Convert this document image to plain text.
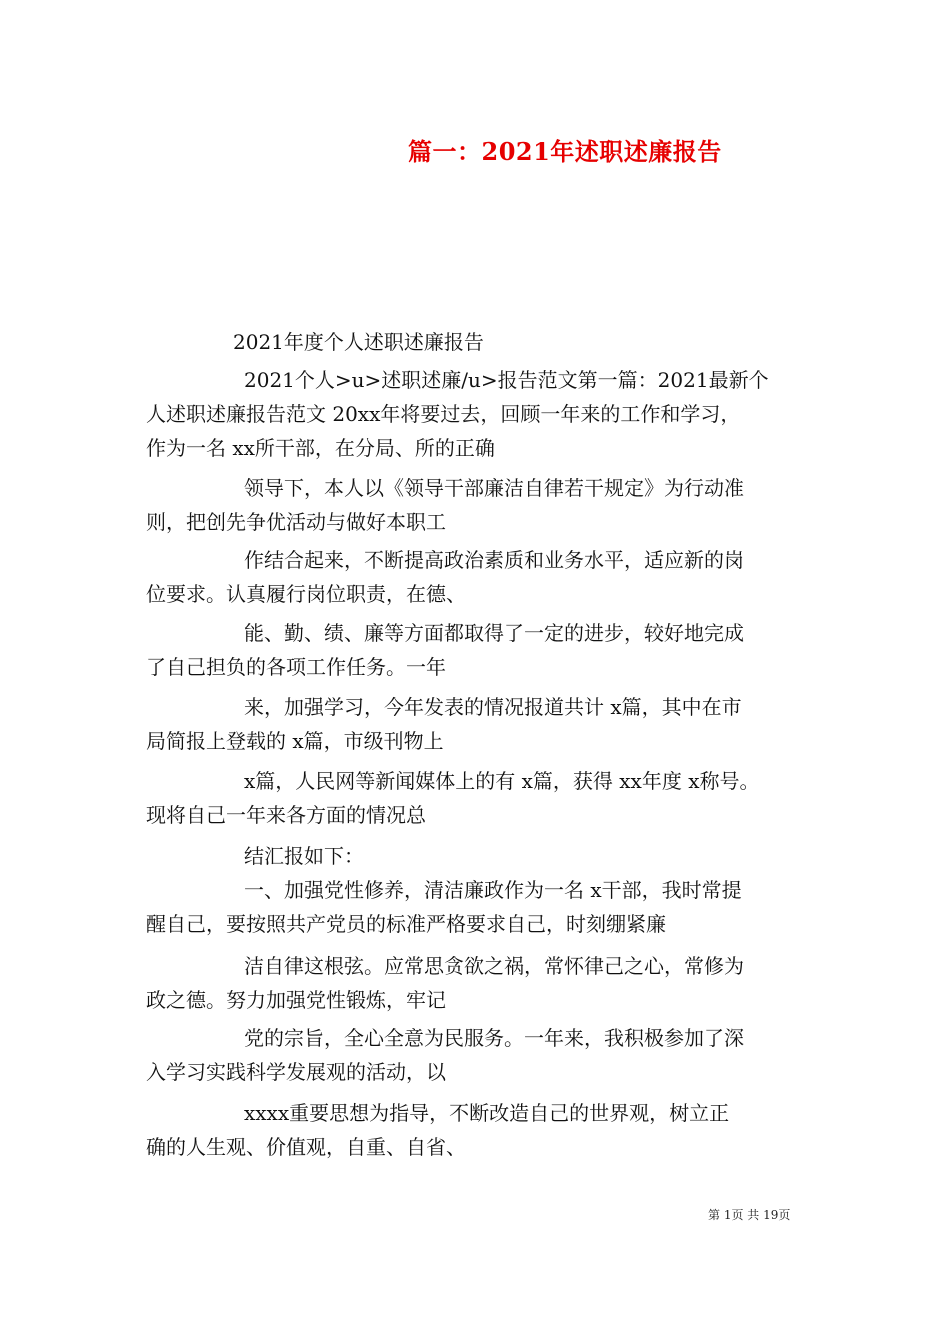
篇一：2021年述职述廉报告
2021年度个人述职述廉报告
2021个人>u>述职述廉/u>报告范文第一篇：2021最新个
人述职述廉报告范文 20xx年将要过去，回顾一年来的工作和学习，
作为一名 xx所干部，在分局、所的正确
领导下，本人以《领导干部廉洁自律若干规定》为行动准
则，把创先争优活动与做好本职工
作结合起来，不断提高政治素质和业务水平，适应新的岗
位要求。认真履行岗位职责，在德、
能、勤、绩、廉等方面都取得了一定的进步，较好地完成
了自己担负的各项工作任务。一年
来，加强学习，今年发表的情况报道共计 x篇，其中在市
局简报上登载的 x篇，市级刊物上
x篇，人民网等新闻媒体上的有 x篇，获得 xx年度 x称号。
现将自己一年来各方面的情况总
结汇报如下：
一、加强党性修养，清洁廉政作为一名 x干部，我时常提
醒自己，要按照共产党员的标准严格要求自己，时刻绷紧廉
洁自律这根弦。应常思贪欲之祸，常怀律己之心，常修为
政之德。努力加强党性锻炼，牢记
党的宗旨，全心全意为民服务。一年来，我积极参加了深
入学习实践科学发展观的活动，以
xxxx重要思想为指导，不断改造自己的世界观，树立正
确的人生观、价值观，自重、自省、
第 1页 共 19页
